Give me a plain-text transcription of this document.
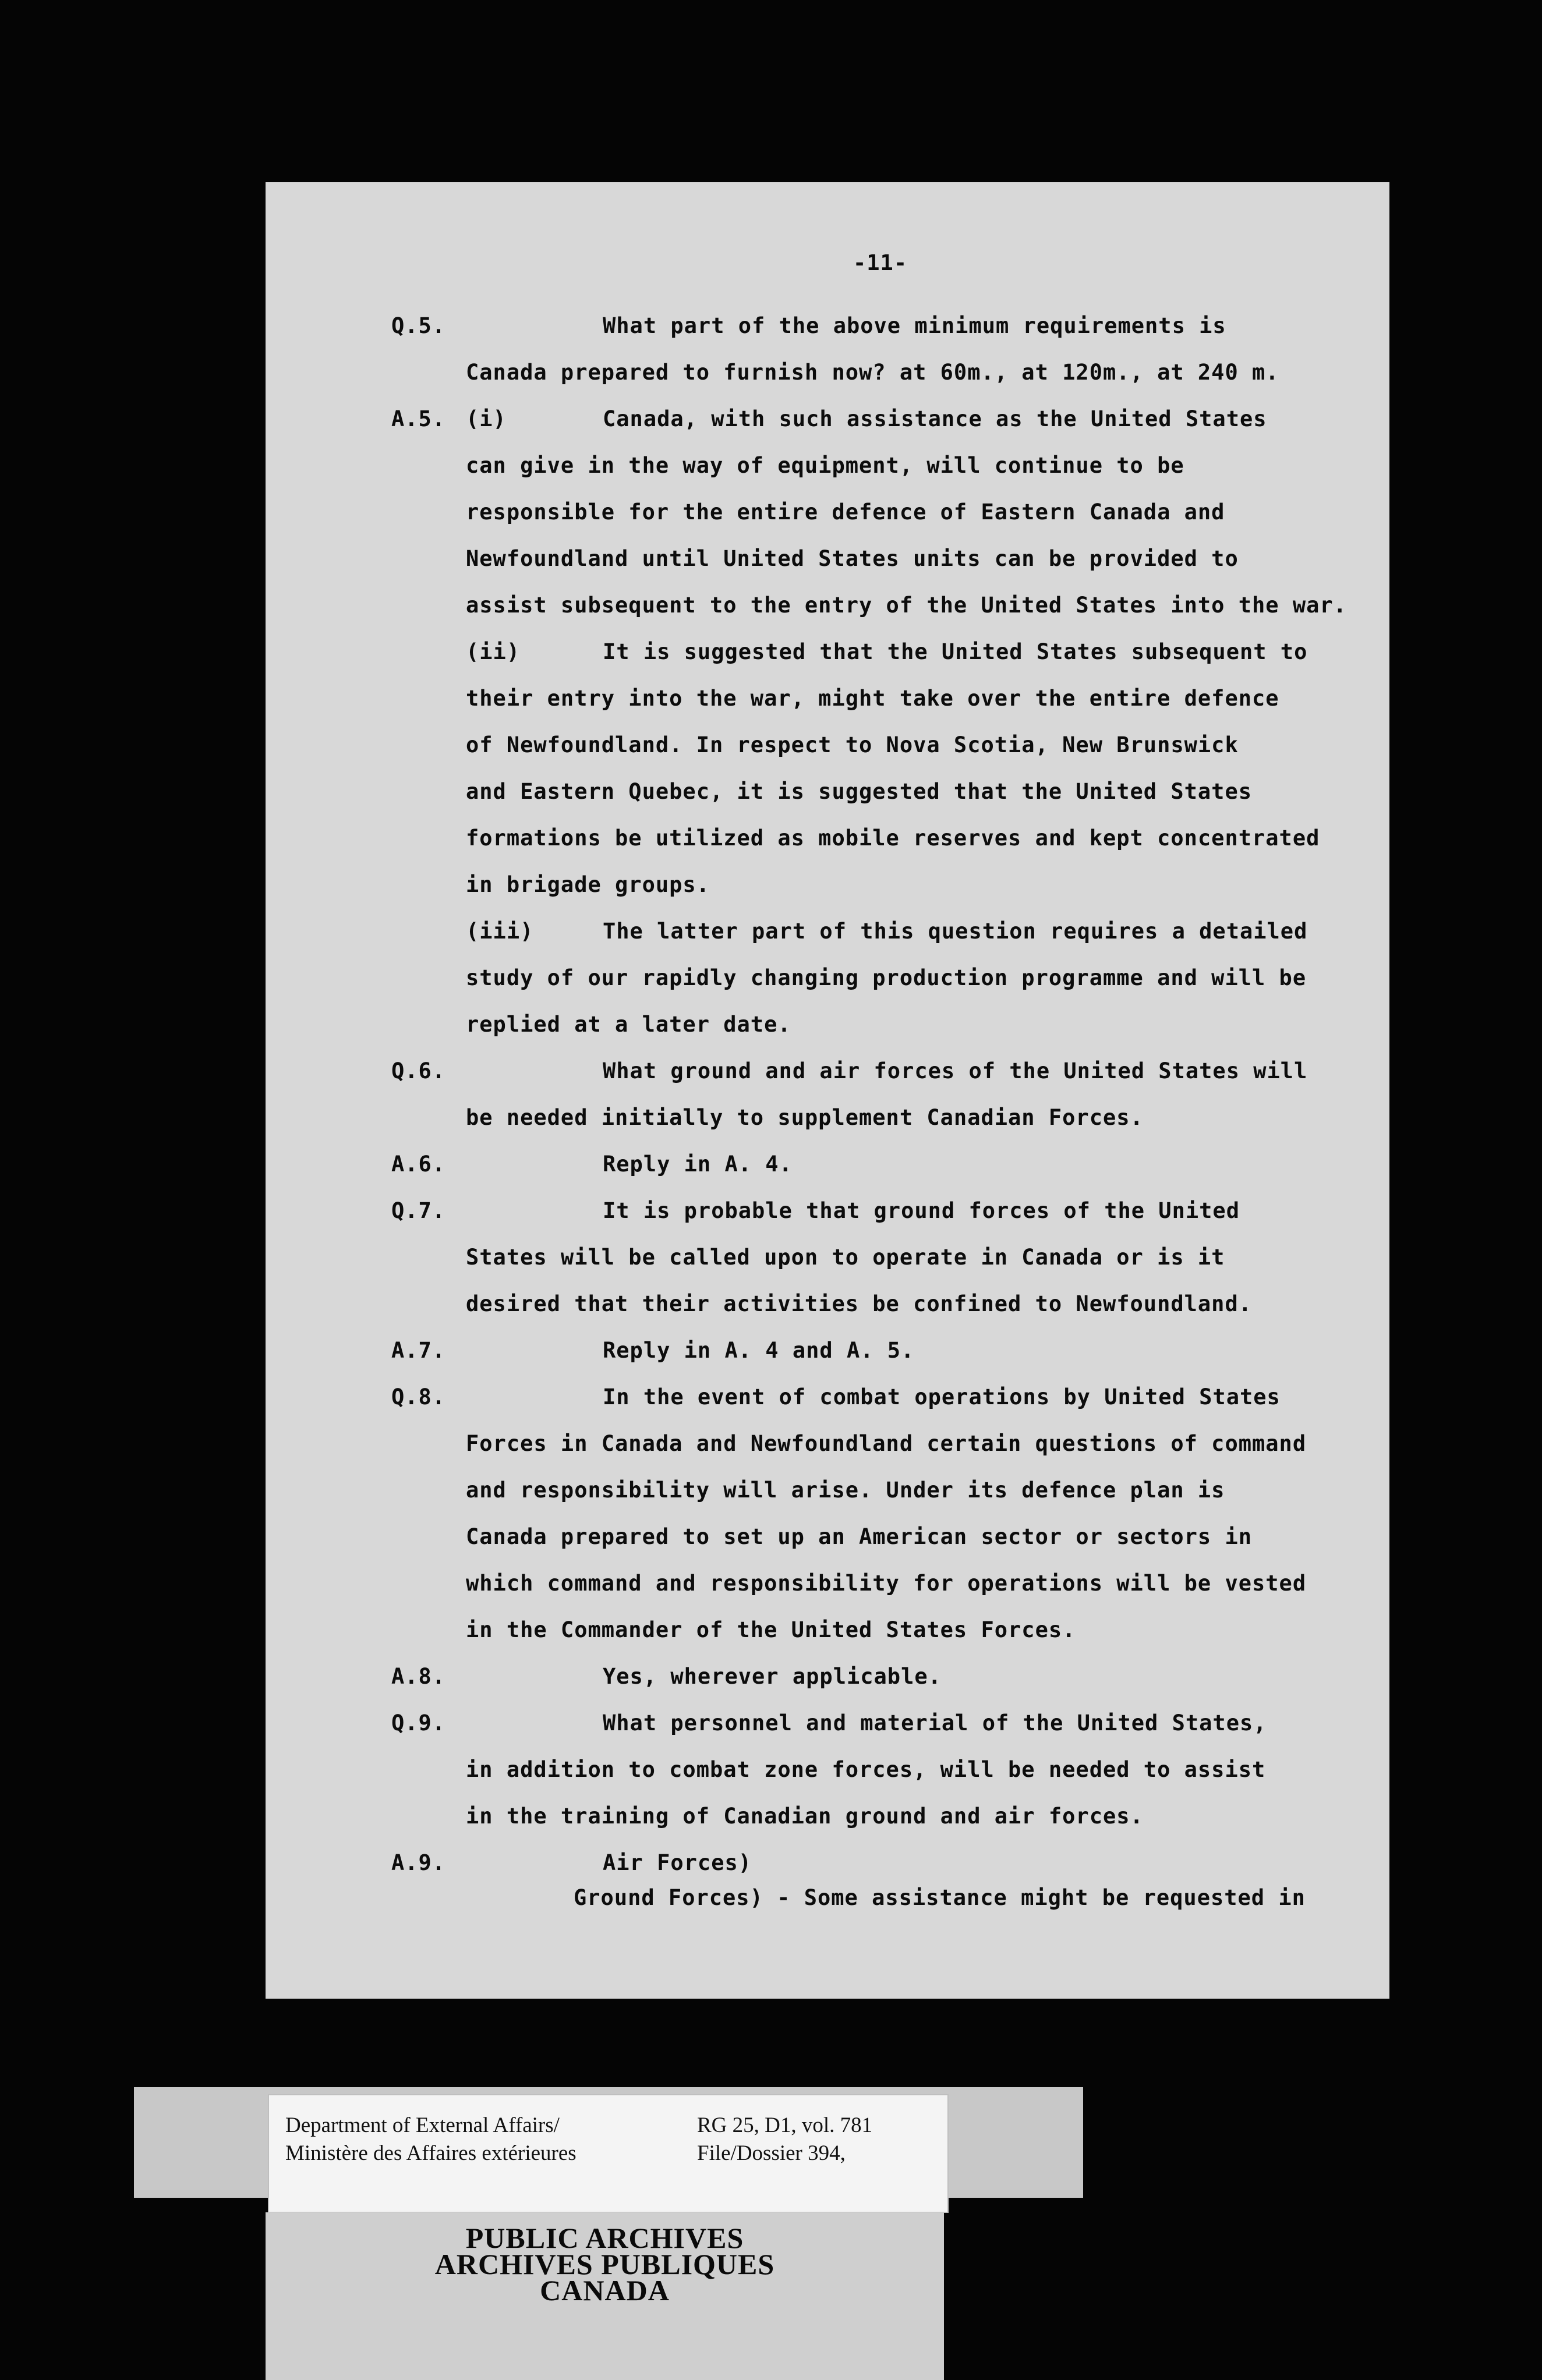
-11-
Q.5.	What part of the above minimum requirements is
Canada prepared to furnish now? at 60m., at 120m., at 240 m.
A.5. (i)	Canada, with such assistance as the United States
can give in the way of equipment, will continue to be
responsible for the entire defence of Eastern Canada and
Newfoundland until United States units can be provided to
assist subsequent to the entry of the United States into the war.
(ii)	It is suggested that the United States subsequent to
their entry into the war, might take over the entire defence
of Newfoundland. In respect to Nova Scotia, New Brunswick
and Eastern Quebec, it is suggested that the United States
formations be utilized as mobile reserves and kept concentrated
in brigade groups.
(iii)	The latter part of this question requires a detailed
study of our rapidly changing production programme and will be
replied at a later date.
Q.6.	What ground and air forces of the United States will
be needed initially to supplement Canadian Forces.
A.6.	Reply in A. 4.
Q.7.	It is probable that ground forces of the United
States will be called upon to operate in Canada or is it
desired that their activities be confined to Newfoundland.
A.7.	Reply in A. 4 and A. 5.
Q.8.	In the event of combat operations by United States
Forces in Canada and Newfoundland certain questions of command
and responsibility will arise. Under its defence plan is
Canada prepared to set up an American sector or sectors in
which command and responsibility for operations will be vested
in the Commander of the United States Forces.
A.8.	Yes, wherever applicable.
Q.9.	What personnel and material of the United States,
in addition to combat zone forces, will be needed to assist
in the training of Canadian ground and air forces.
A.9.	Air Forces)
Ground Forces) - Some assistance might be requested in
Department of External Affairs/
Ministère des Affaires extérieures
RG 25, D1, vol. 781
File/Dossier 394,
PUBLIC ARCHIVES
ARCHIVES PUBLIQUES
CANADA
